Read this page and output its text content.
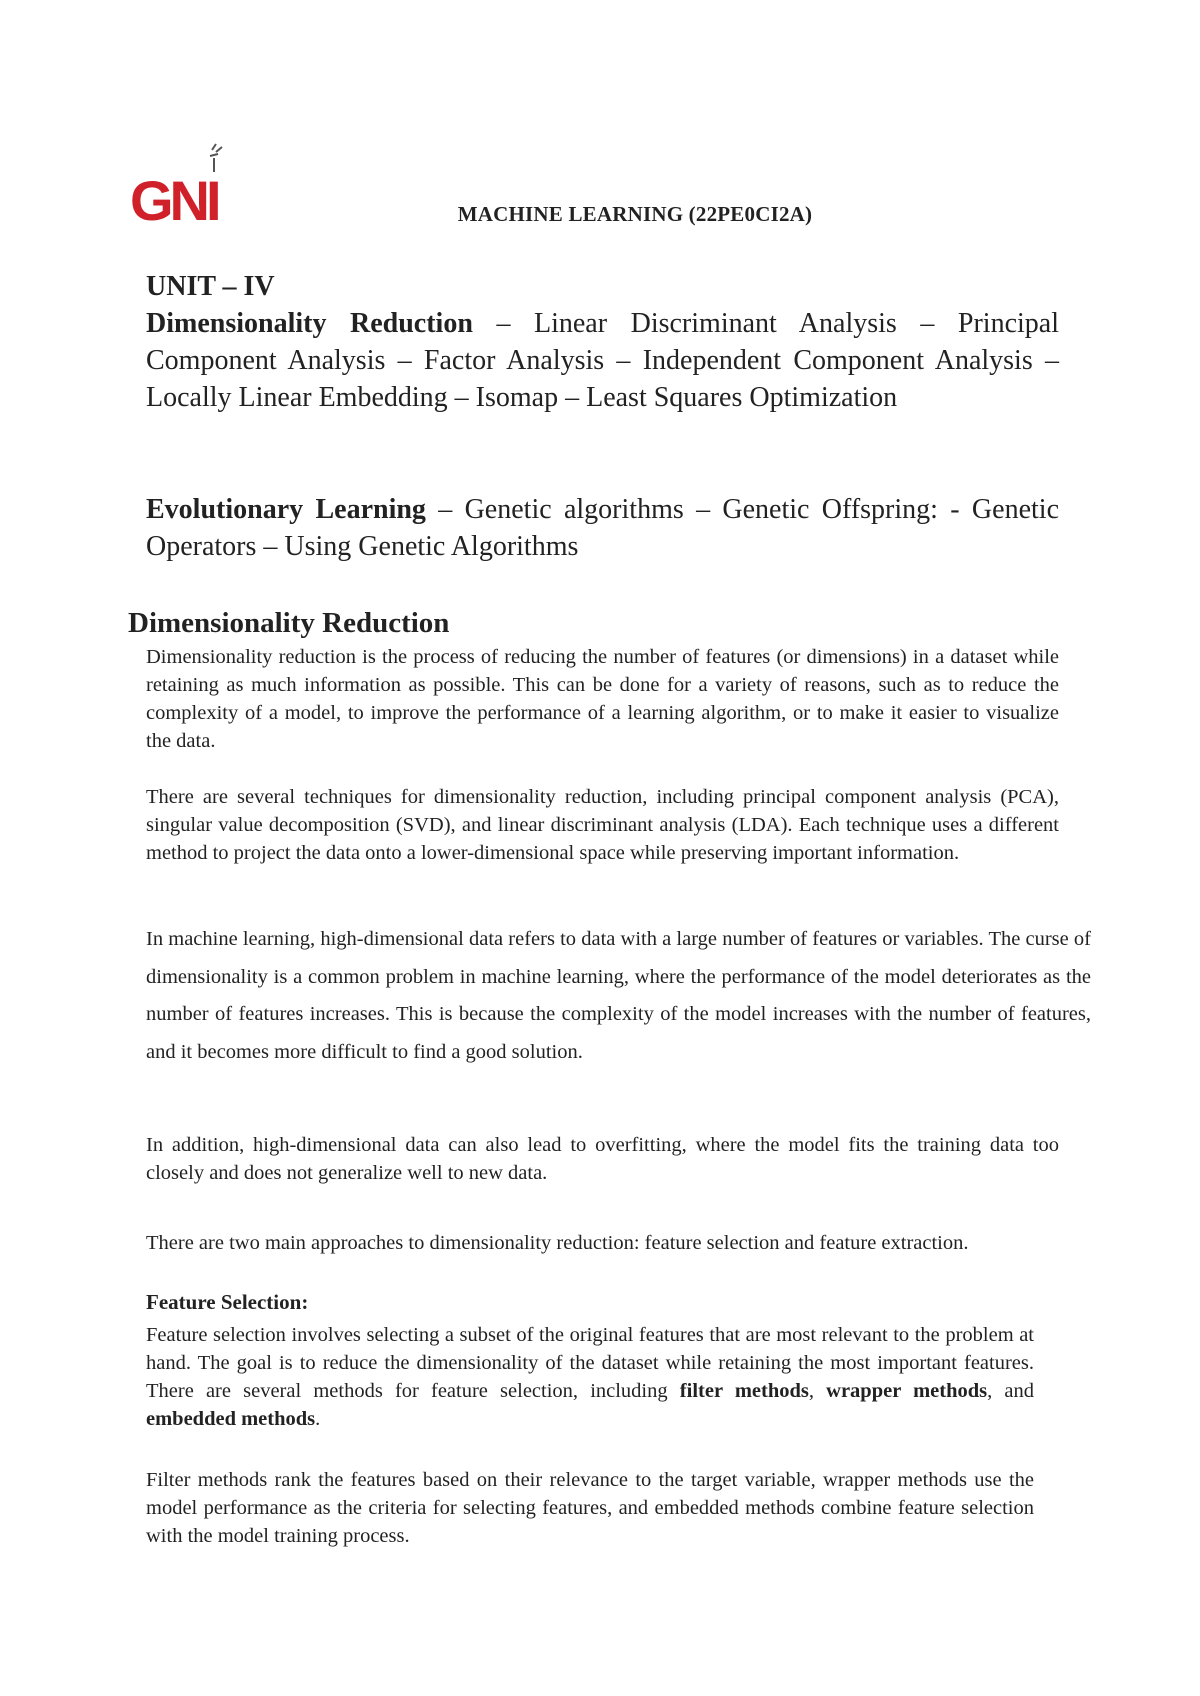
GNI	MACHINE LEARNING (22PE0CI2A)
UNIT – IV
Dimensionality Reduction – Linear Discriminant Analysis – Principal Component Analysis – Factor Analysis – Independent Component Analysis – Locally Linear Embedding – Isomap – Least Squares Optimization
Evolutionary Learning – Genetic algorithms – Genetic Offspring: - Genetic Operators – Using Genetic Algorithms
Dimensionality Reduction
Dimensionality reduction is the process of reducing the number of features (or dimensions) in a dataset while retaining as much information as possible. This can be done for a variety of reasons, such as to reduce the complexity of a model, to improve the performance of a learning algorithm, or to make it easier to visualize the data.
There are several techniques for dimensionality reduction, including principal component analysis (PCA), singular value decomposition (SVD), and linear discriminant analysis (LDA). Each technique uses a different method to project the data onto a lower-dimensional space while preserving important information.
In machine learning, high-dimensional data refers to data with a large number of features or variables. The curse of dimensionality is a common problem in machine learning, where the performance of the model deteriorates as the number of features increases. This is because the complexity of the model increases with the number of features, and it becomes more difficult to find a good solution.
In addition, high-dimensional data can also lead to overfitting, where the model fits the training data too closely and does not generalize well to new data.
There are two main approaches to dimensionality reduction: feature selection and feature extraction.
Feature Selection:
Feature selection involves selecting a subset of the original features that are most relevant to the problem at hand. The goal is to reduce the dimensionality of the dataset while retaining the most important features. There are several methods for feature selection, including filter methods, wrapper methods, and embedded methods.
Filter methods rank the features based on their relevance to the target variable, wrapper methods use the model performance as the criteria for selecting features, and embedded methods combine feature selection with the model training process.
